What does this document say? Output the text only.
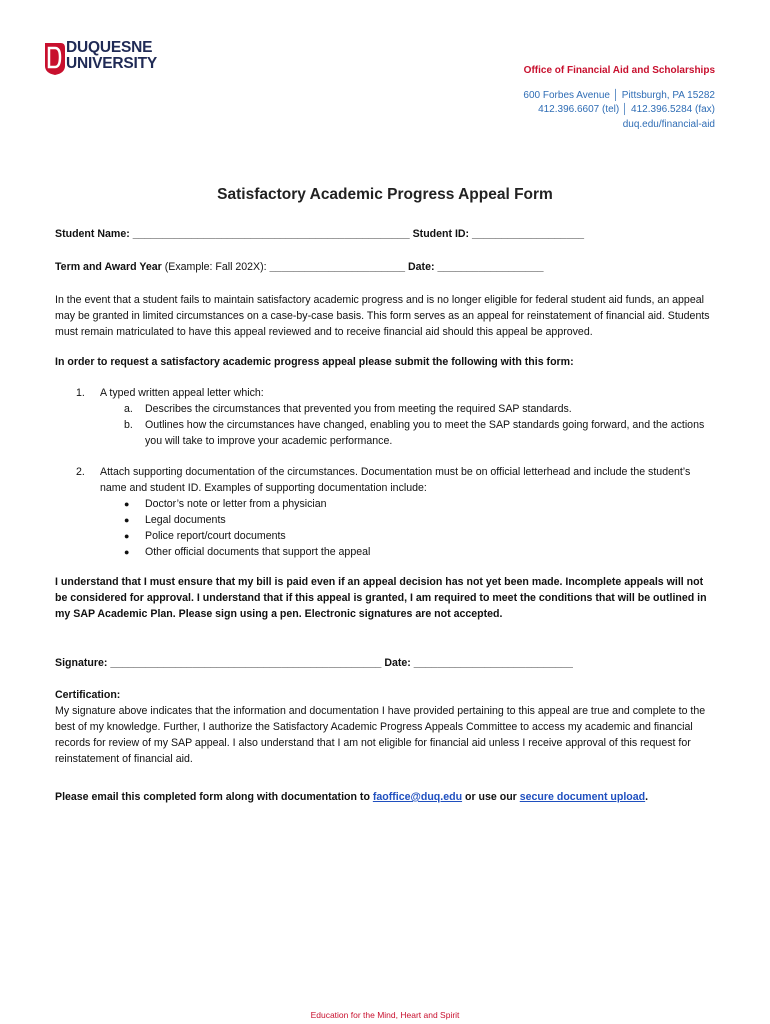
DUQUESNE
UNIVERSITY	Office of Financial Aid and Scholarships
600 Forbes Avenue │ Pittsburgh, PA 15282
412.396.6607 (tel) │ 412.396.5284 (fax)
duq.edu/financial-aid
Satisfactory Academic Progress Appeal Form
Student Name: _______________________________________________ Student ID: ___________________
Term and Award Year (Example: Fall 202X): _______________________ Date: __________________

In the event that a student fails to maintain satisfactory academic progress and is no longer eligible for federal student aid funds, an appeal may be granted in limited circumstances on a case-by-case basis. This form serves as an appeal for reinstatement of financial aid. Students must remain matriculated to have this appeal reviewed and to receive financial aid should this appeal be approved.

In order to request a satisfactory academic progress appeal please submit the following with this form:

1. A typed written appeal letter which:
a. Describes the circumstances that prevented you from meeting the required SAP standards.
b. Outlines how the circumstances have changed, enabling you to meet the SAP standards going forward, and the actions you will take to improve your academic performance.
2. Attach supporting documentation of the circumstances. Documentation must be on official letterhead and include the student’s name and student ID. Examples of supporting documentation include:
● Doctor’s note or letter from a physician
● Legal documents
● Police report/court documents
● Other official documents that support the appeal

I understand that I must ensure that my bill is paid even if an appeal decision has not yet been made. Incomplete appeals will not be considered for approval. I understand that if this appeal is granted, I am required to meet the conditions that will be outlined in my SAP Academic Plan. Please sign using a pen. Electronic signatures are not accepted.

Signature: ______________________________________________ Date: ___________________________
Certification:

My signature above indicates that the information and documentation I have provided pertaining to this appeal are true and complete to the best of my knowledge. Further, I authorize the Satisfactory Academic Progress Appeals Committee to access my academic and financial records for review of my SAP appeal. I also understand that I am not eligible for financial aid unless I receive approval of this request for reinstatement of financial aid.

Please email this completed form along with documentation to faoffice@duq.edu or use our secure document upload.

Education for the Mind, Heart and Spirit
